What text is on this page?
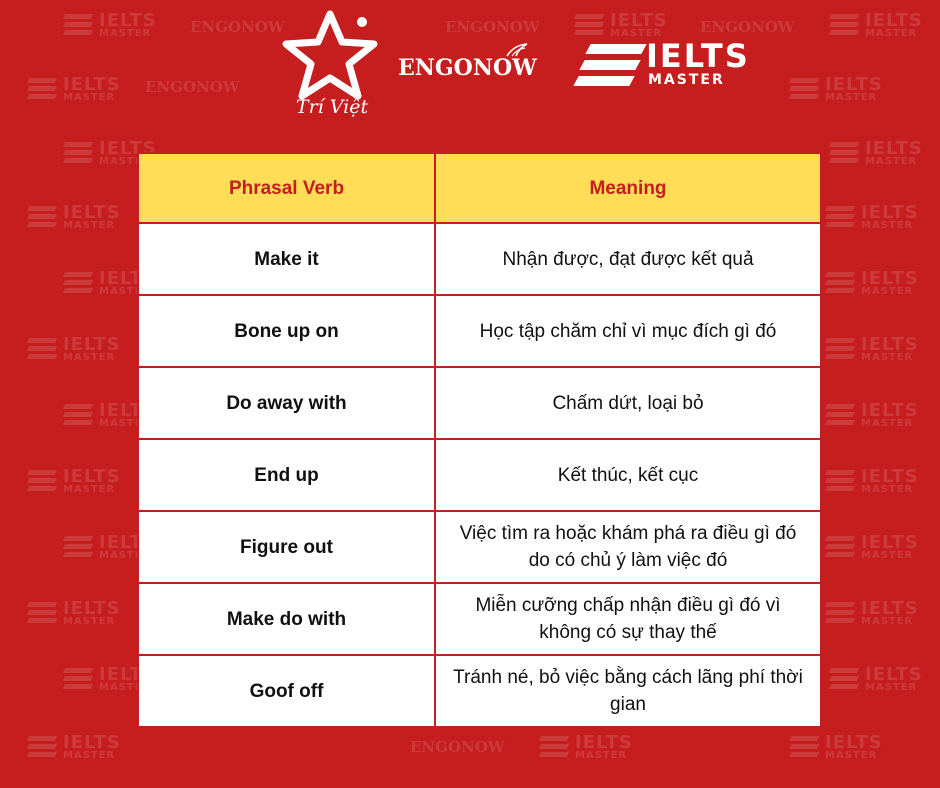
IELTS
MASTER	ENGONOW	ENGONOW	ENGONOW
IELTS
MASTER
IELTS
MASTER
IELTS
MASTER
ENGONOW	IELTS
MASTER
IELTS
MASTER
IELTS
MASTER
IELTS
MASTER
IELTS
MASTER
IELTS
MASTER
IELTS
MASTER
IELTS
MASTER
IELTS
MASTER
IELTS
MASTER
IELTS
MASTER
IELTS
MASTER
IELTS
MASTER
IELTS
MASTER
IELTS
MASTER
IELTS
MASTER
IELTS
MASTER
IELTS
MASTER
IELTS
MASTER
IELTS
MASTER	ENGONOW	IELTS
MASTER
IELTS
MASTER
Trí Việt
ENGONOW	IELTS
MASTER
Phrasal Verb	Meaning
Make it	Nhận được, đạt được kết quả
Bone up on	Học tập chăm chỉ vì mục đích gì đó
Do away with	Chấm dứt, loại bỏ
End up	Kết thúc, kết cục
Figure out	Việc tìm ra hoặc khám phá ra điều gì đó do có chủ ý làm việc đó
Make do with	Miễn cưỡng chấp nhận điều gì đó vì không có sự thay thế
Goof off	Tránh né, bỏ việc bằng cách lãng phí thời gian
